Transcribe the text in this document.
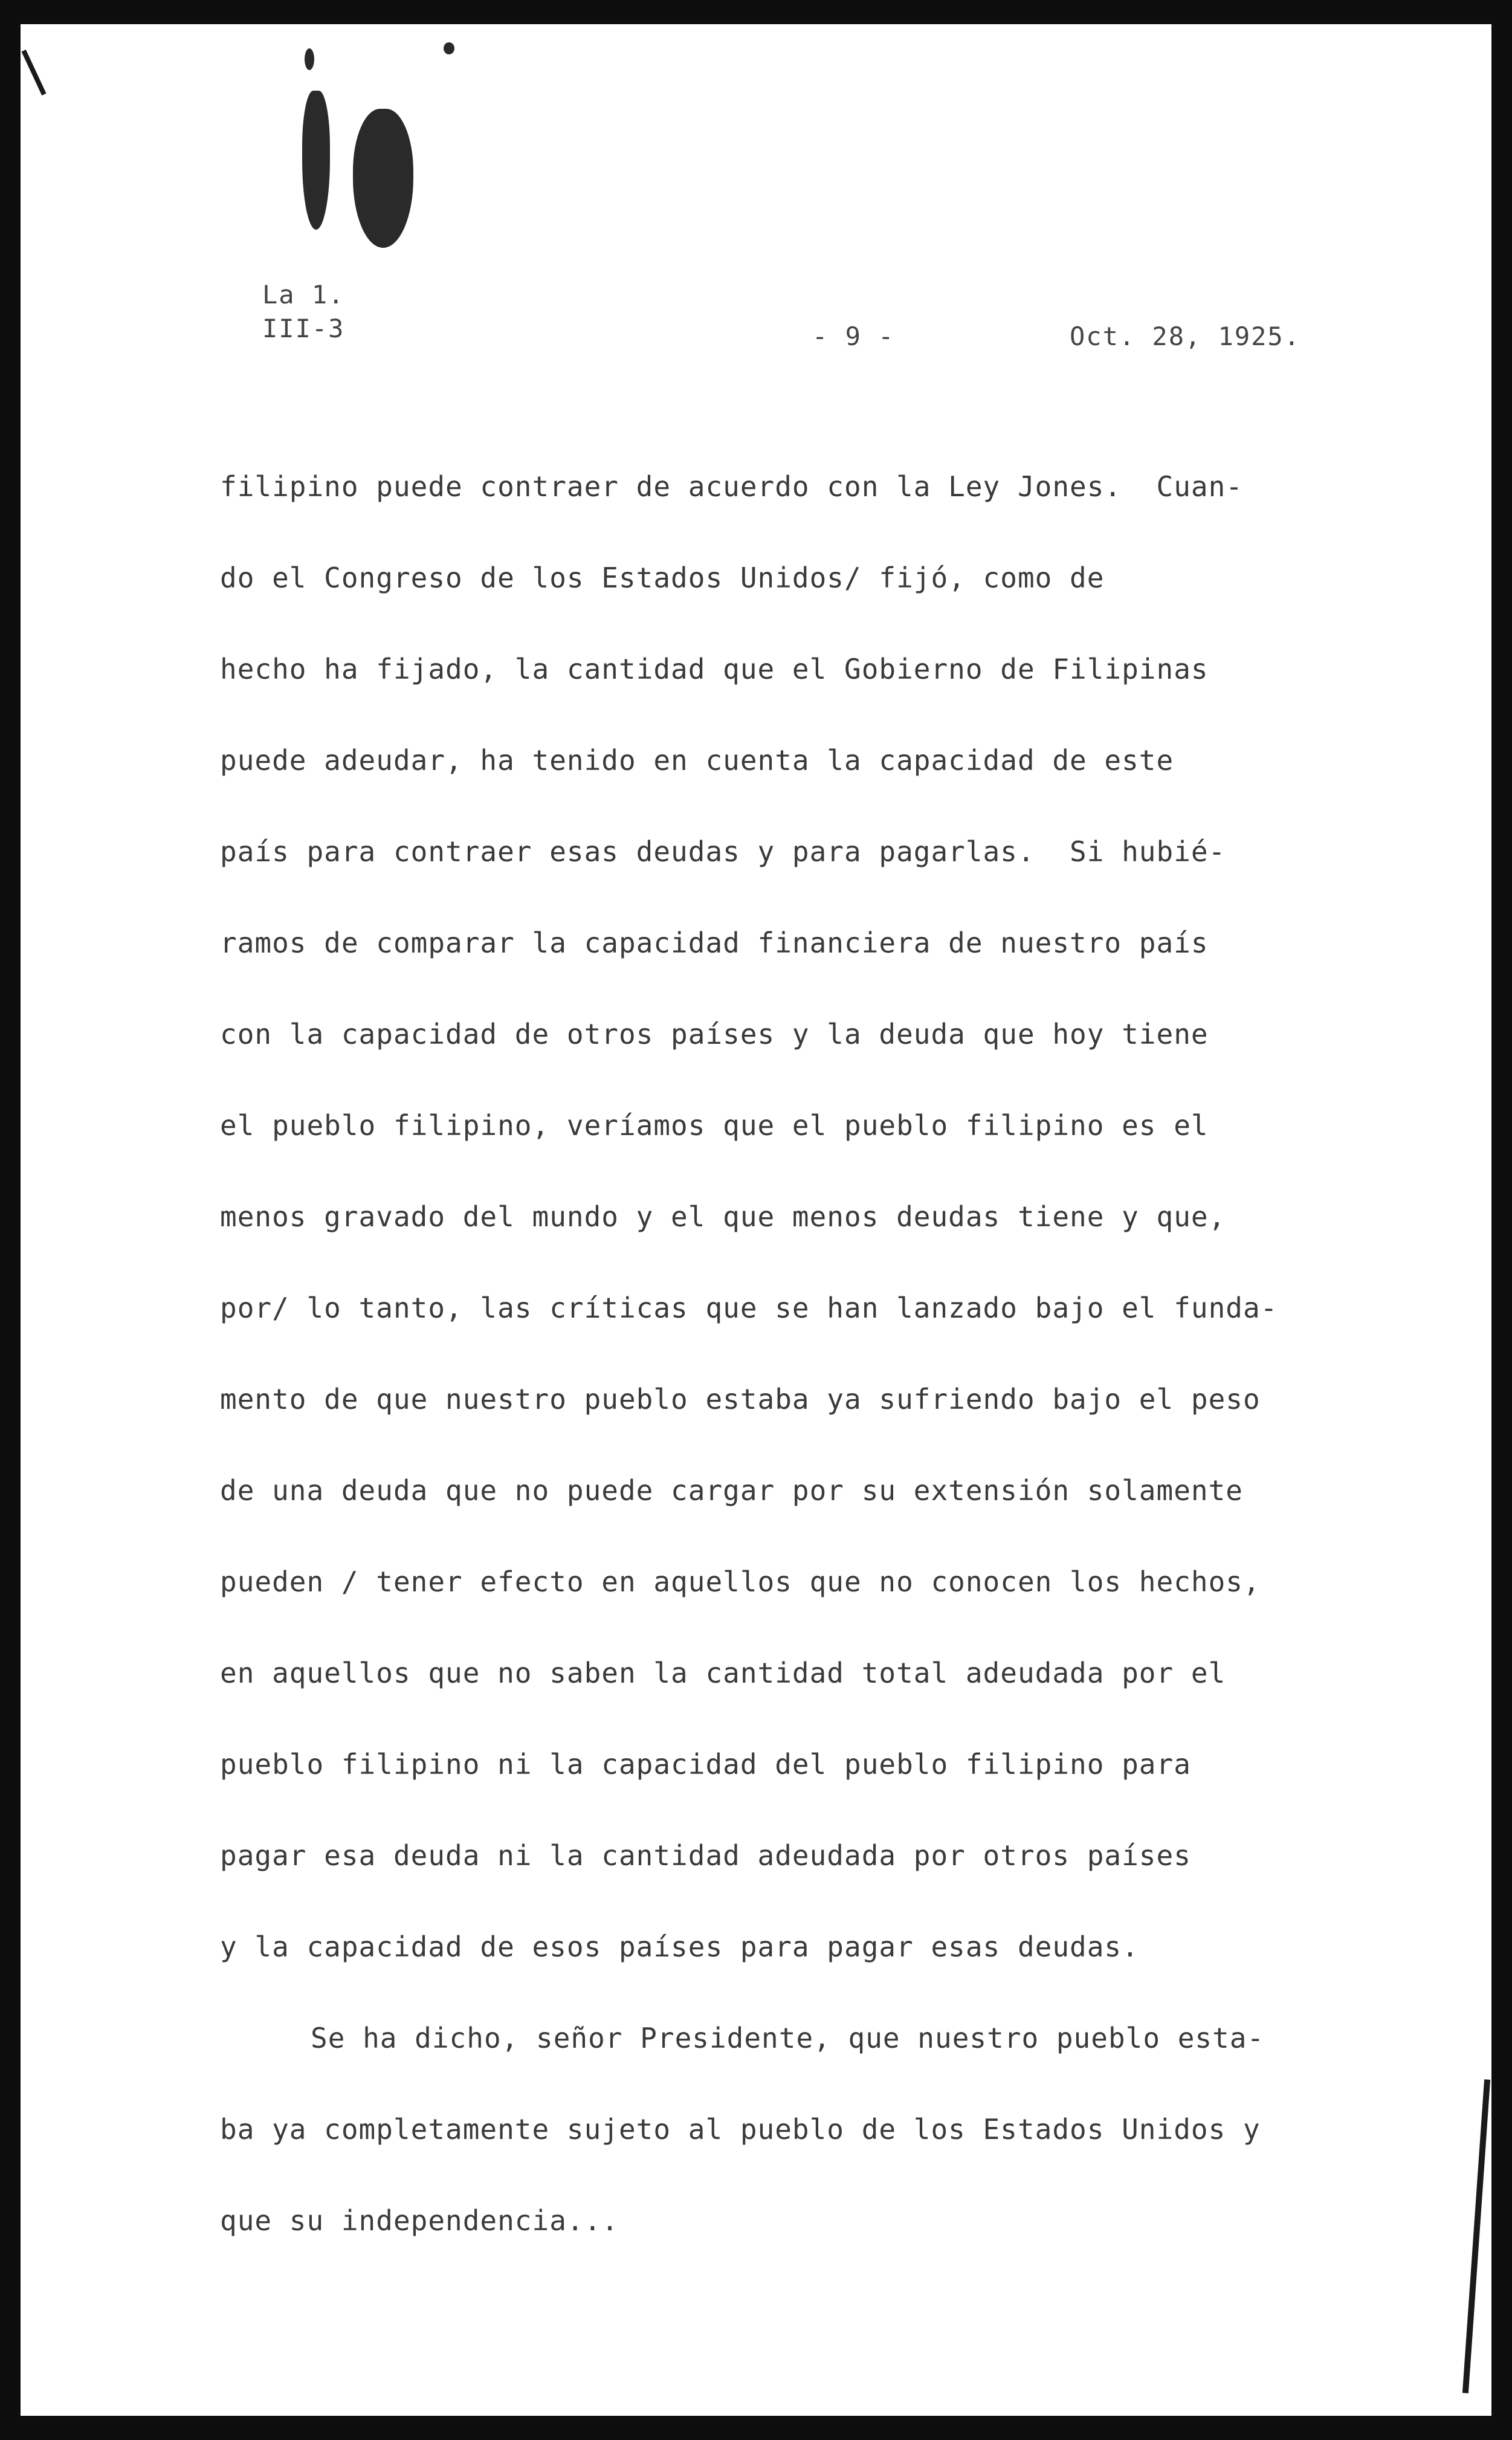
La 1.
III-3	- 9 -	Oct. 28, 1925.
filipino puede contraer de acuerdo con la Ley Jones.  Cuan-
do el Congreso de los Estados Unidos/ fijó, como de
hecho ha fijado, la cantidad que el Gobierno de Filipinas
puede adeudar, ha tenido en cuenta la capacidad de este
país para contraer esas deudas y para pagarlas.  Si hubié-
ramos de comparar la capacidad financiera de nuestro país
con la capacidad de otros países y la deuda que hoy tiene
el pueblo filipino, veríamos que el pueblo filipino es el
menos gravado del mundo y el que menos deudas tiene y que,
por/ lo tanto, las críticas que se han lanzado bajo el funda-
mento de que nuestro pueblo estaba ya sufriendo bajo el peso
de una deuda que no puede cargar por su extensión solamente
pueden / tener efecto en aquellos que no conocen los hechos,
en aquellos que no saben la cantidad total adeudada por el
pueblo filipino ni la capacidad del pueblo filipino para
pagar esa deuda ni la cantidad adeudada por otros países
y la capacidad de esos países para pagar esas deudas.
Se ha dicho, señor Presidente, que nuestro pueblo esta-
ba ya completamente sujeto al pueblo de los Estados Unidos y
que su independencia...
